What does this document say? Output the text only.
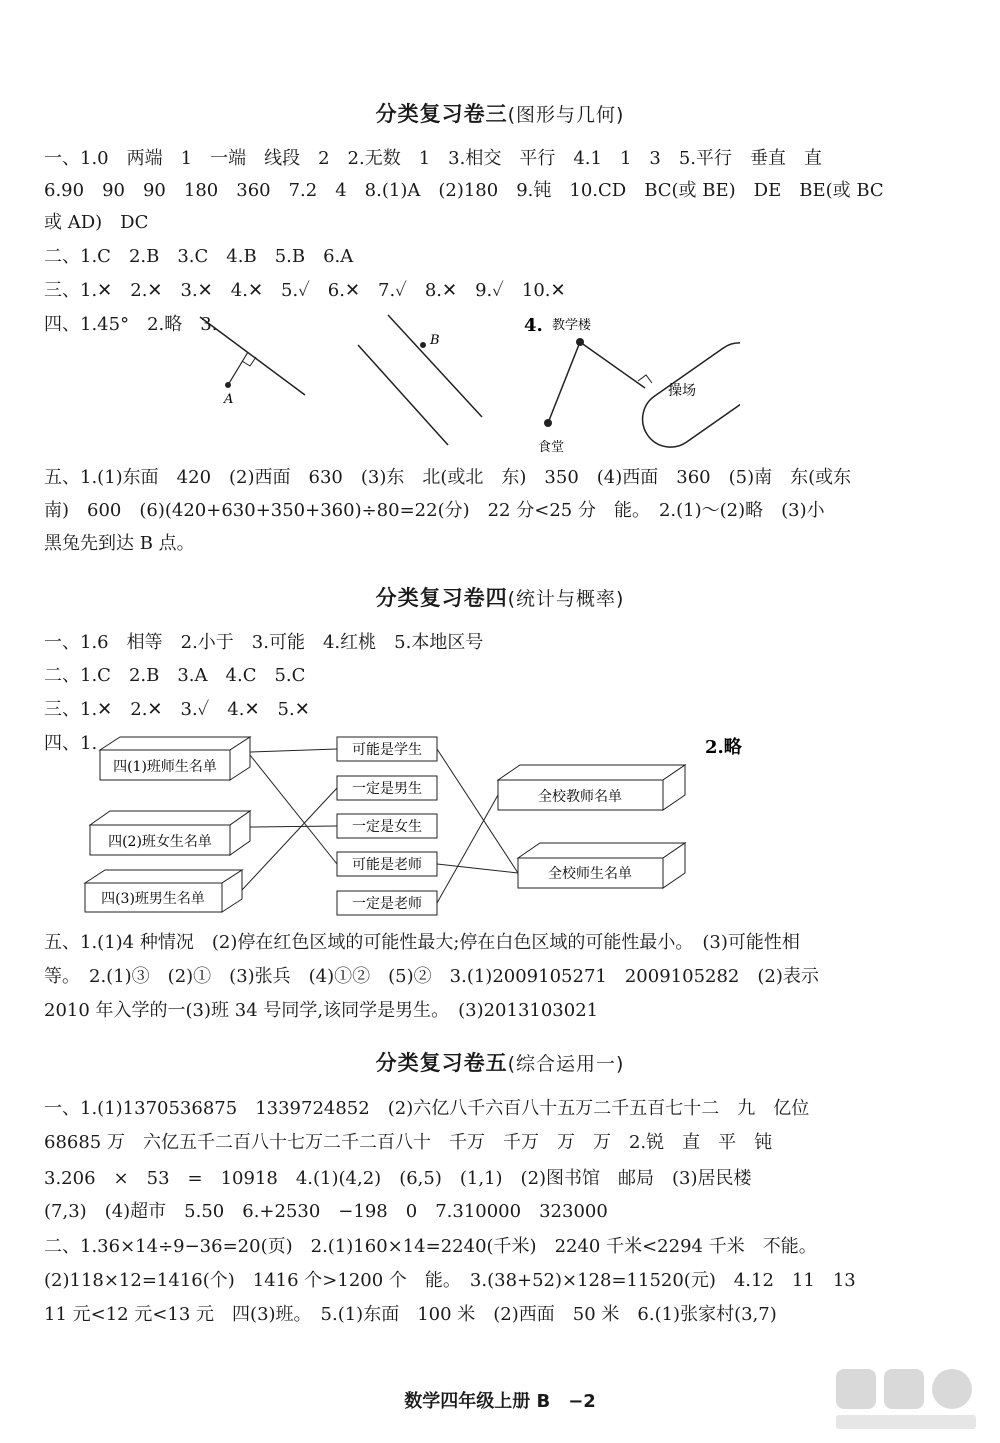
分类复习卷三(图形与几何)
一、1.0　两端　1　一端　线段　2　2.无数　1　3.相交　平行　4.1　1　3　5.平行　垂直　直
6.90　90　90　180　360　7.2　4　8.(1)A　(2)180　9.钝　10.CD　BC(或 BE)　DE　BE(或 BC
或 AD)　DC
二、1.C　2.B　3.C　4.B　5.B　6.A
三、1.✕　2.✕　3.✕　4.✕　5.✓　6.✕　7.✓　8.✕　9.✓　10.✕
四、1.45°　2.略　3.
A
B
4. 教学楼
食堂
操场
五、1.(1)东面　420　(2)西面　630　(3)东　北(或北　东)　350　(4)西面　360　(5)南　东(或东
南)　600　(6)(420+630+350+360)÷80=22(分)　22 分<25 分　能。　2.(1)～(2)略　(3)小
黑兔先到达 B 点。
分类复习卷四(统计与概率)
一、1.6　相等　2.小于　3.可能　4.红桃　5.本地区号
二、1.C　2.B　3.A　4.C　5.C
三、1.✕　2.✕　3.✓　4.✕　5.✕
四、1.
四(1)班师生名单
四(2)班女生名单
四(3)班男生名单
可能是学生
一定是男生
一定是女生
可能是老师
一定是老师
全校教师名单
全校师生名单
2.略
五、1.(1)4 种情况　(2)停在红色区域的可能性最大;停在白色区域的可能性最小。　(3)可能性相
等。　2.(1)③　(2)①　(3)张兵　(4)①②　(5)②　3.(1)2009105271　2009105282　(2)表示
2010 年入学的一(3)班 34 号同学,该同学是男生。　(3)2013103021
分类复习卷五(综合运用一)
一、1.(1)1370536875　1339724852　(2)六亿八千六百八十五万二千五百七十二　九　亿位
68685 万　六亿五千二百八十七万二千二百八十　千万　千万　万　万　2.锐　直　平　钝
3.206　×　53　=　10918　4.(1)(4,2)　(6,5)　(1,1)　(2)图书馆　邮局　(3)居民楼
(7,3)　(4)超市　5.50　6.+2530　−198　0　7.310000　323000
二、1.36×14÷9−36=20(页)　2.(1)160×14=2240(千米)　2240 千米<2294 千米　不能。
(2)118×12=1416(个)　1416 个>1200 个　能。　3.(38+52)×128=11520(元)　4.12　11　13
11 元<12 元<13 元　四(3)班。　5.(1)东面　100 米　(2)西面　50 米　6.(1)张家村(3,7)
数学四年级上册 B　−2
